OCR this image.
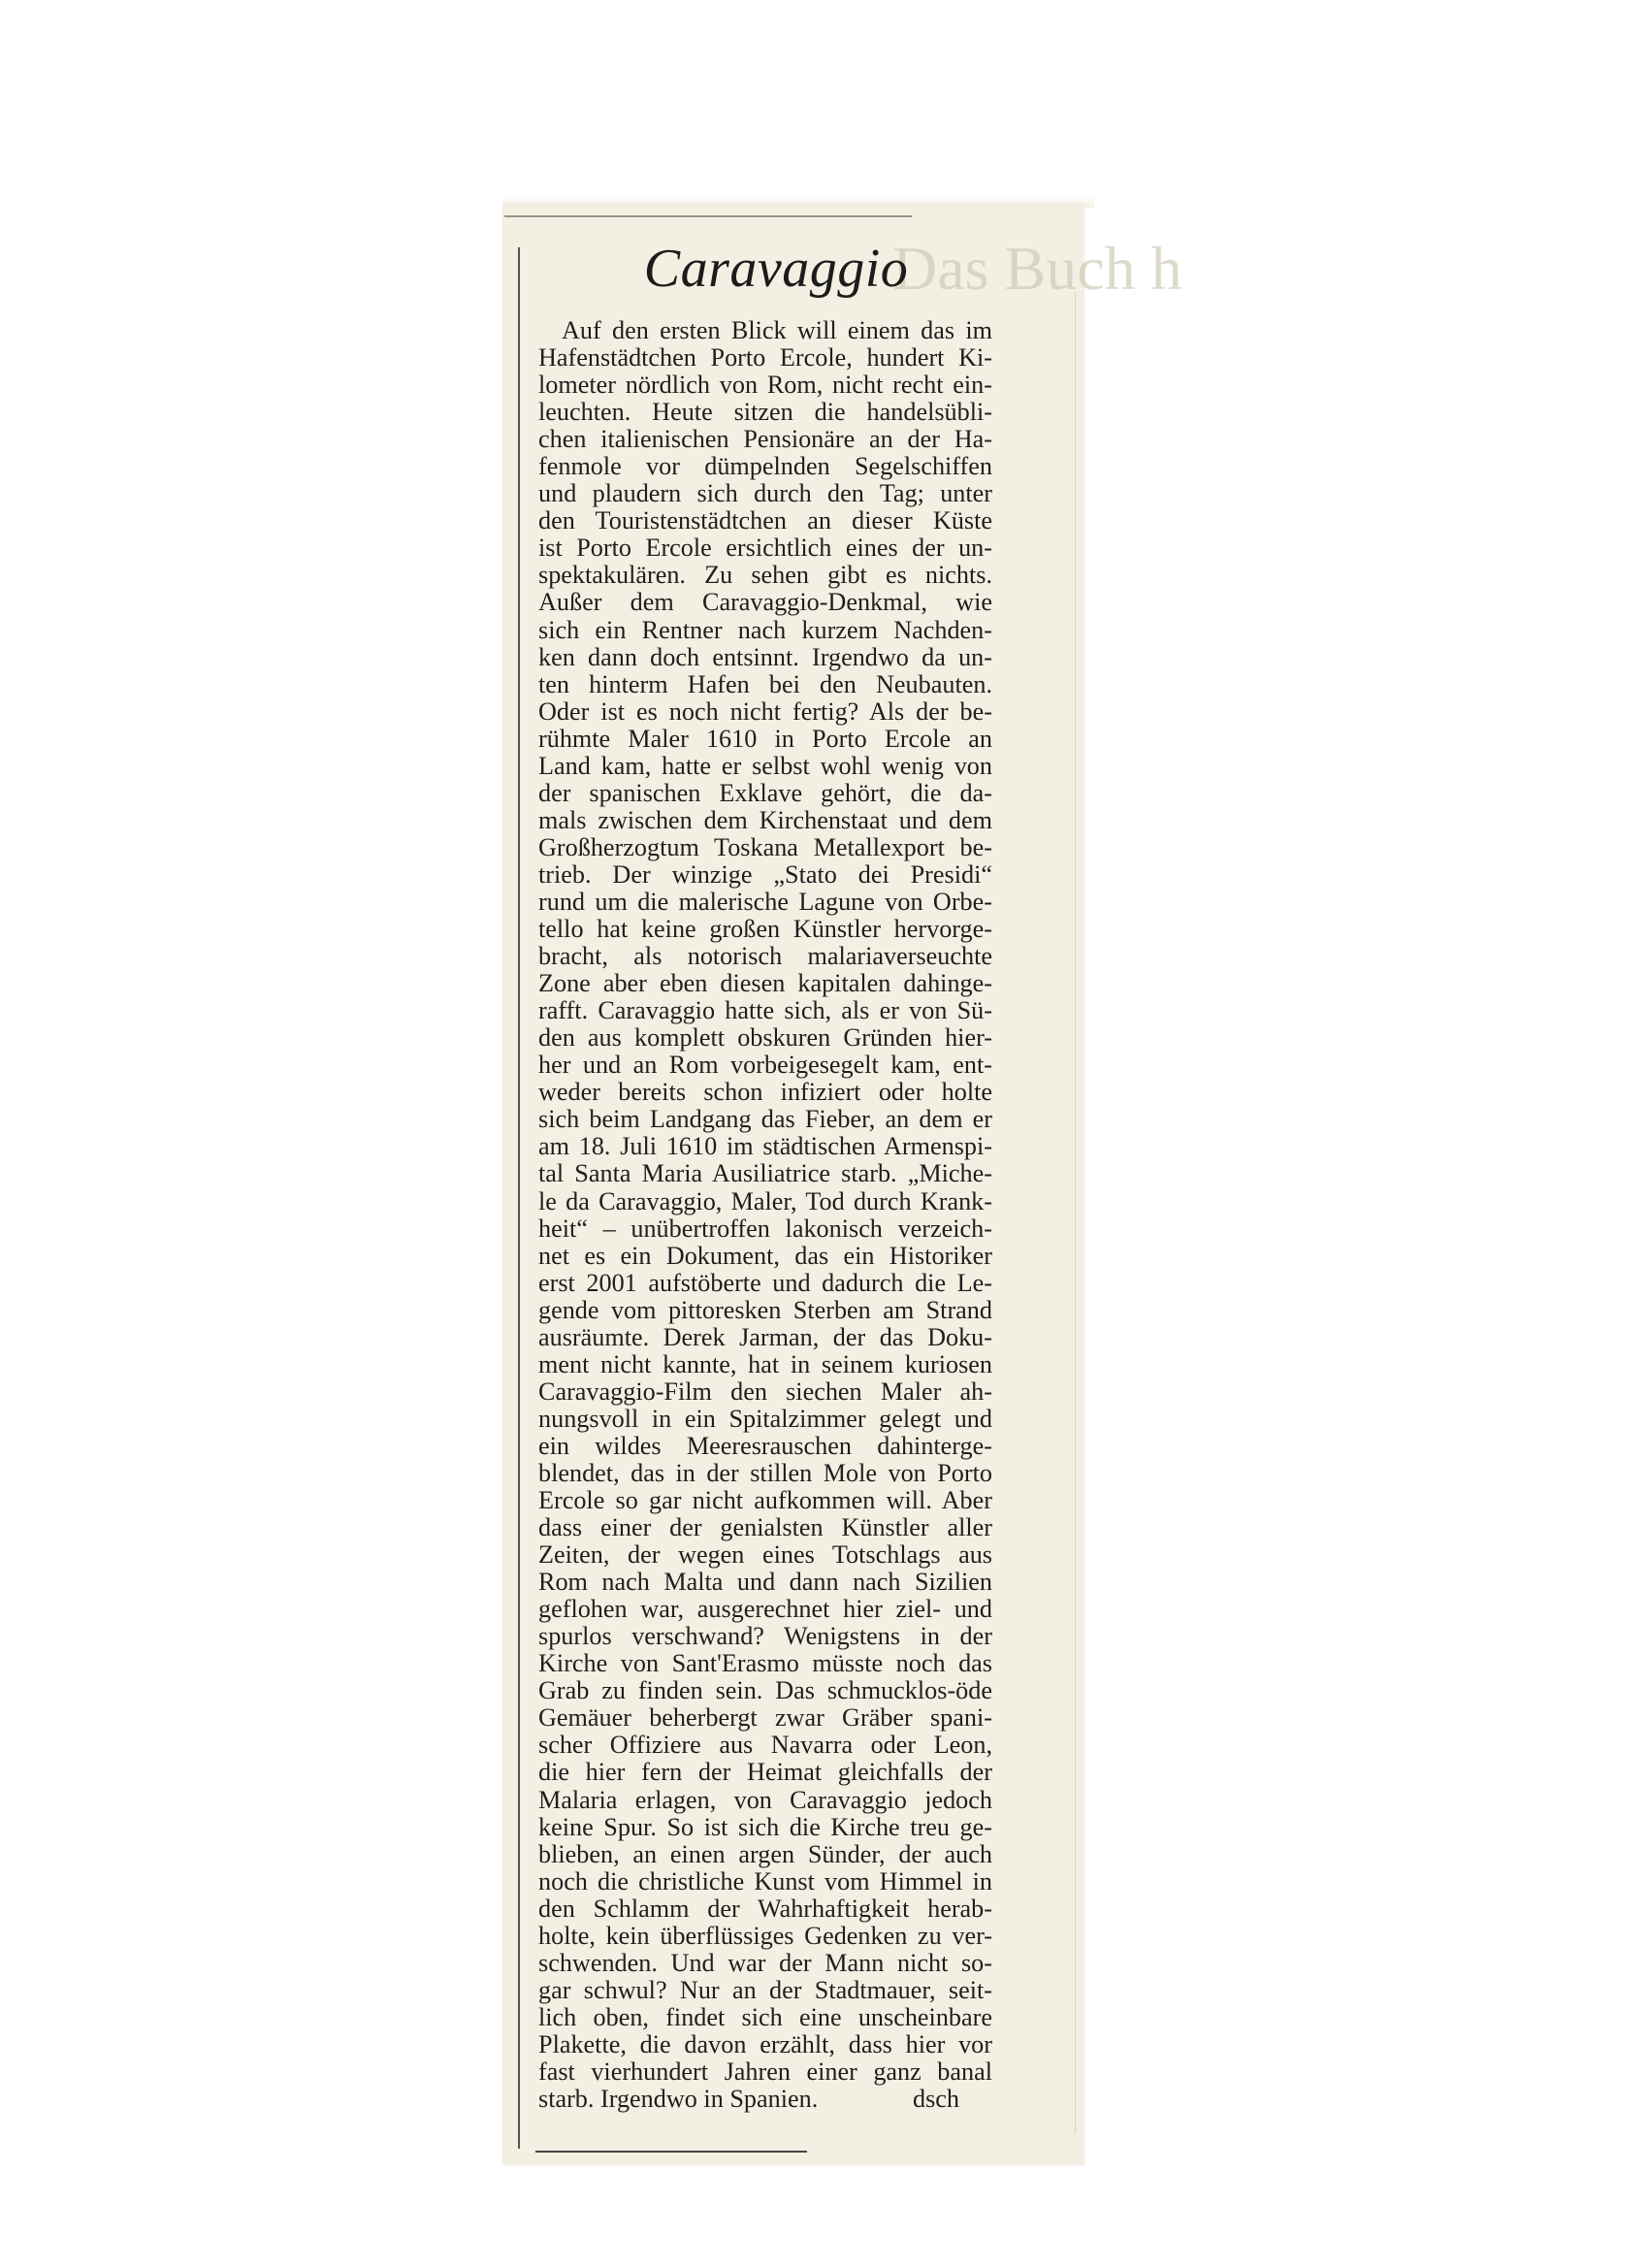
Das Buch h
Caravaggio
Auf den ersten Blick will einem das im
Hafenstädtchen Porto Ercole, hundert Ki-
lometer nördlich von Rom, nicht recht ein-
leuchten. Heute sitzen die handelsübli-
chen italienischen Pensionäre an der Ha-
fenmole vor dümpelnden Segelschiffen
und plaudern sich durch den Tag; unter
den Touristenstädtchen an dieser Küste
ist Porto Ercole ersichtlich eines der un-
spektakulären. Zu sehen gibt es nichts.
Außer dem Caravaggio-Denkmal, wie
sich ein Rentner nach kurzem Nachden-
ken dann doch entsinnt. Irgendwo da un-
ten hinterm Hafen bei den Neubauten.
Oder ist es noch nicht fertig? Als der be-
rühmte Maler 1610 in Porto Ercole an
Land kam, hatte er selbst wohl wenig von
der spanischen Exklave gehört, die da-
mals zwischen dem Kirchenstaat und dem
Großherzogtum Toskana Metallexport be-
trieb. Der winzige „Stato dei Presidi“
rund um die malerische Lagune von Orbe-
tello hat keine großen Künstler hervorge-
bracht, als notorisch malariaverseuchte
Zone aber eben diesen kapitalen dahinge-
rafft. Caravaggio hatte sich, als er von Sü-
den aus komplett obskuren Gründen hier-
her und an Rom vorbeigesegelt kam, ent-
weder bereits schon infiziert oder holte
sich beim Landgang das Fieber, an dem er
am 18. Juli 1610 im städtischen Armenspi-
tal Santa Maria Ausiliatrice starb. „Miche-
le da Caravaggio, Maler, Tod durch Krank-
heit“ – unübertroffen lakonisch verzeich-
net es ein Dokument, das ein Historiker
erst 2001 aufstöberte und dadurch die Le-
gende vom pittoresken Sterben am Strand
ausräumte. Derek Jarman, der das Doku-
ment nicht kannte, hat in seinem kuriosen
Caravaggio-Film den siechen Maler ah-
nungsvoll in ein Spitalzimmer gelegt und
ein wildes Meeresrauschen dahinterge-
blendet, das in der stillen Mole von Porto
Ercole so gar nicht aufkommen will. Aber
dass einer der genialsten Künstler aller
Zeiten, der wegen eines Totschlags aus
Rom nach Malta und dann nach Sizilien
geflohen war, ausgerechnet hier ziel- und
spurlos verschwand? Wenigstens in der
Kirche von Sant'Erasmo müsste noch das
Grab zu finden sein. Das schmucklos-öde
Gemäuer beherbergt zwar Gräber spani-
scher Offiziere aus Navarra oder Leon,
die hier fern der Heimat gleichfalls der
Malaria erlagen, von Caravaggio jedoch
keine Spur. So ist sich die Kirche treu ge-
blieben, an einen argen Sünder, der auch
noch die christliche Kunst vom Himmel in
den Schlamm der Wahrhaftigkeit herab-
holte, kein überflüssiges Gedenken zu ver-
schwenden. Und war der Mann nicht so-
gar schwul? Nur an der Stadtmauer, seit-
lich oben, findet sich eine unscheinbare
Plakette, die davon erzählt, dass hier vor
fast vierhundert Jahren einer ganz banal
starb. Irgendwo in Spanien.	dsch
